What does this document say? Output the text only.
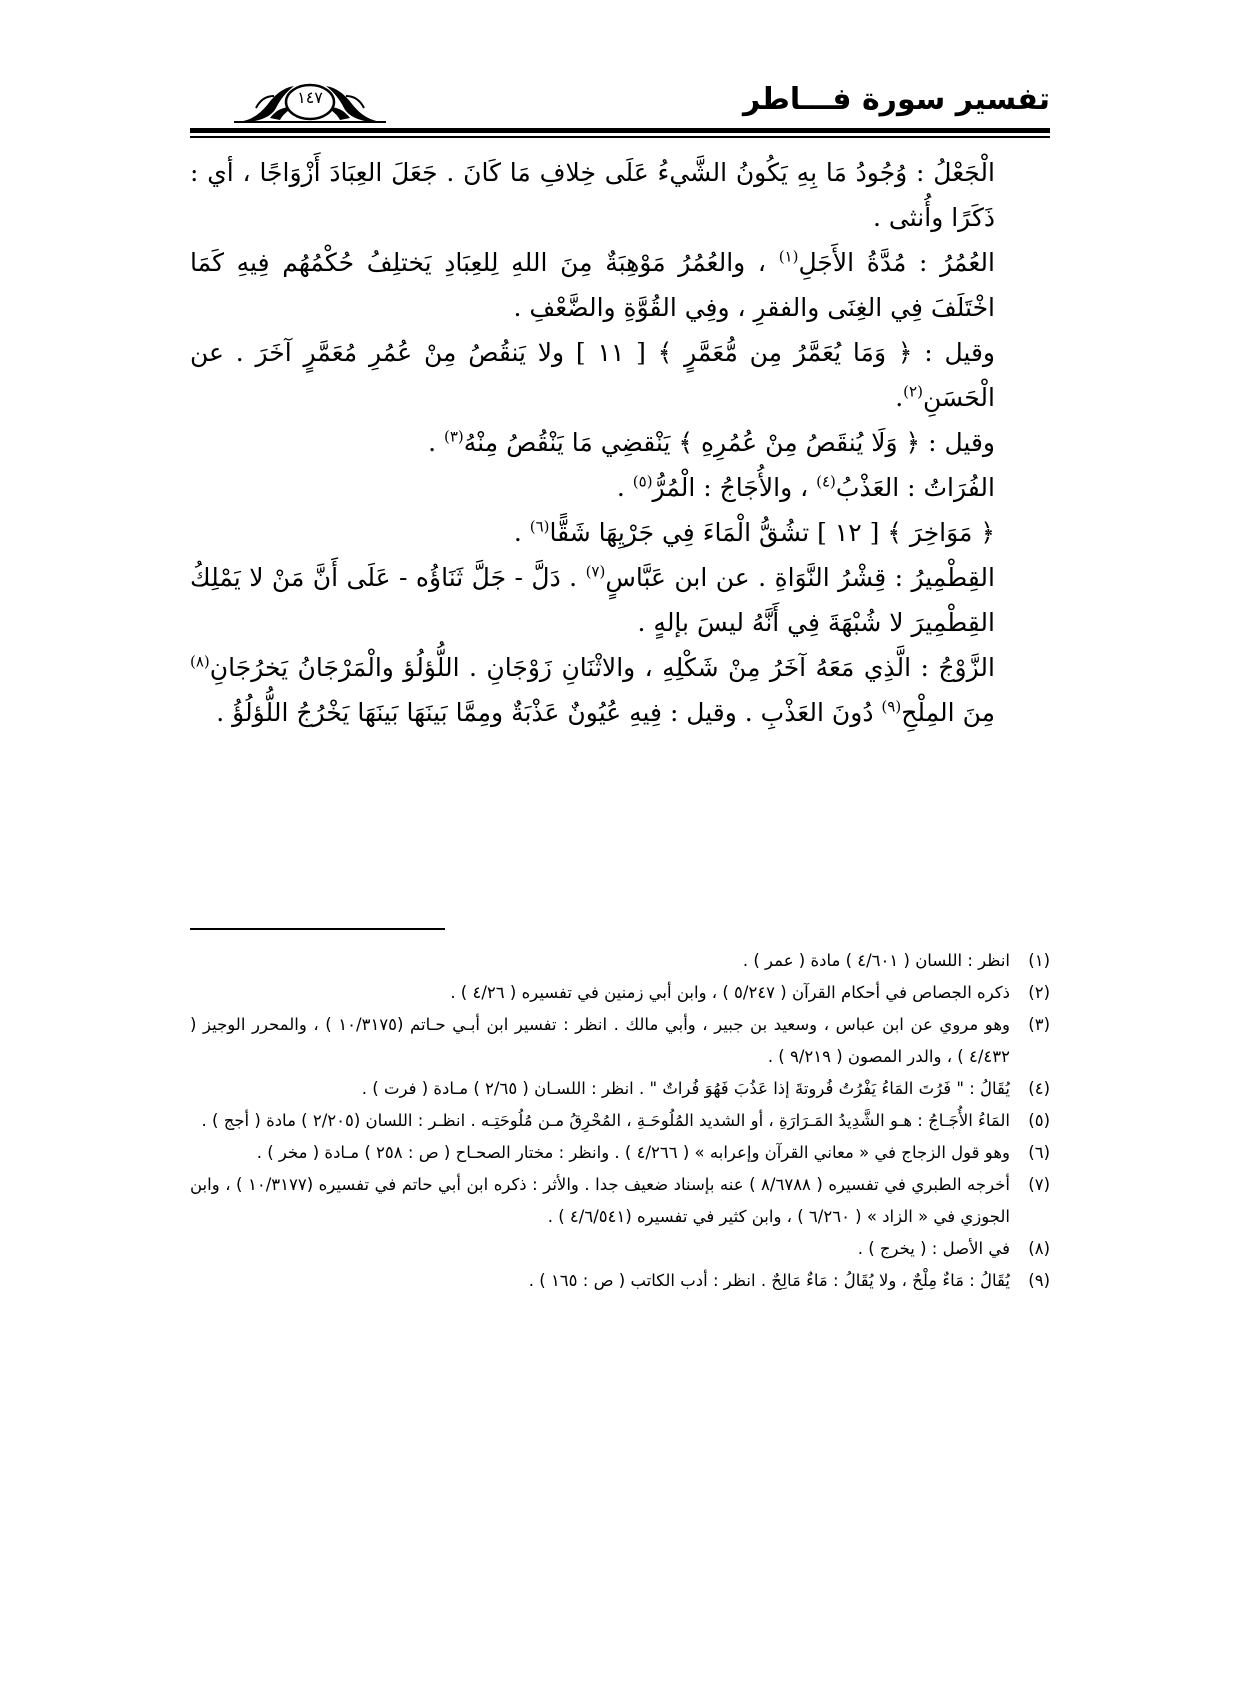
تفسير سورة فـــاطر
١٤٧

الْجَعْلُ : وُجُودُ مَا بِهِ يَكُونُ الشَّيءُ عَلَى خِلافِ مَا كَانَ . جَعَلَ العِبَادَ أَزْوَاجًا ، أي : ذَكَرًا وأُنثى .

العُمُرُ : مُدَّةُ الأَجَلِ$^{(١)}$ ، والعُمُرُ مَوْهِبَةٌ مِنَ اللهِ لِلعِبَادِ يَختلِفُ حُكْمُهُم فِيهِ كَمَا اخْتَلَفَ فِي الغِنَى والفقرِ ، وفِي القُوَّةِ والضَّعْفِ .

وقيل : ﴿ وَمَا يُعَمَّرُ مِن مُّعَمَّرٍ ﴾ [ ١١ ] ولا يَنقُصُ مِنْ عُمُرِ مُعَمَّرٍ آخَرَ . عن الْحَسَنِ$^{(٢)}$.

وقيل : ﴿ وَلَا يُنقَصُ مِنْ عُمُرِهِ ﴾ يَنْقضِي مَا يَنْقُصُ مِنْهُ$^{(٣)}$ .

الفُرَاتُ : العَذْبُ$^{(٤)}$ ، والأُجَاجُ : الْمُرُّ$^{(٥)}$ .

﴿ مَوَاخِرَ ﴾ [ ١٢ ] تشُقُّ الْمَاءَ فِي جَرْيِهَا شَقًّا$^{(٦)}$ .

القِطْمِيرُ : قِشْرُ النَّوَاةِ . عن ابن عَبَّاسٍ$^{(٧)}$ . دَلَّ - جَلَّ ثَنَاؤُه - عَلَى أَنَّ مَنْ لا يَمْلِكُ القِطْمِيرَ لا شُبْهَةَ فِي أَنَّهُ ليسَ بإلهٍ .

الزَّوْجُ : الَّذِي مَعَهُ آخَرُ مِنْ شَكْلِهِ ، والاثْنَانِ زَوْجَانِ . اللُّؤلُؤ والْمَرْجَانُ يَخرُجَانِ$^{(٨)}$ مِنَ المِلْحِ$^{(٩)}$ دُونَ العَذْبِ . وقيل : فِيهِ عُيُونٌ عَذْبَةٌ ومِمَّا بَينَهَا بَينَهَا يَخْرُجُ اللُّؤلُؤُ .

(١)
انظر : اللسان ( ٤/٦٠١ ) مادة ( عمر ) .
(٢)
ذكره الجصاص في أحكام القرآن ( ٥/٢٤٧ ) ، وابن أبي زمنين في تفسيره ( ٤/٢٦ ) .
(٣)
وهو مروي عن ابن عباس ، وسعيد بن جبير ، وأبي مالك . انظر : تفسير ابن أبـي حـاتم (١٠/٣١٧٥ ) ، والمحرر الوجيز ( ٤/٤٣٢ ) ، والدر المصون ( ٩/٢١٩ ) .
(٤)
يُقَالُ : " فَرُتَ المَاءُ يَفْرُتُ فُروتةَ إذا عَذُبَ فَهُوَ فُراتٌ " . انظر : اللسـان ( ٢/٦٥ ) مـادة ( فرت ) .
(٥)
المَاءُ الأُجَـاجُ : هـو الشَّدِيدُ المَـرَارَةِ ، أو الشديد المُلُوحَـةِ ، المُحْرِقُ مـن مُلُوحَتِـه . انظـر : اللسان (٢/٢٠٥ ) مادة ( أجج ) .
(٦)
وهو قول الزجاج في « معاني القرآن وإعرابه » ( ٤/٢٦٦ ) . وانظر : مختار الصحـاح ( ص : ٢٥٨ ) مـادة ( مخر ) .
(٧)
أخرجه الطبري في تفسيره ( ٨/٦٧٨٨ ) عنه بإسناد ضعيف جدا . والأثر : ذكره ابن أبي حاتم في تفسيره (١٠/٣١٧٧ ) ، وابن الجوزي في « الزاد » ( ٦/٢٦٠ ) ، وابن كثير في تفسيره (٤/٦/٥٤١ ) .
(٨)
في الأصل : ( يخرج ) .
(٩)
يُقَالُ : مَاءٌ مِلْحٌ ، ولا يُقَالُ : مَاءٌ مَالِحٌ . انظر : أدب الكاتب ( ص : ١٦٥ ) .
